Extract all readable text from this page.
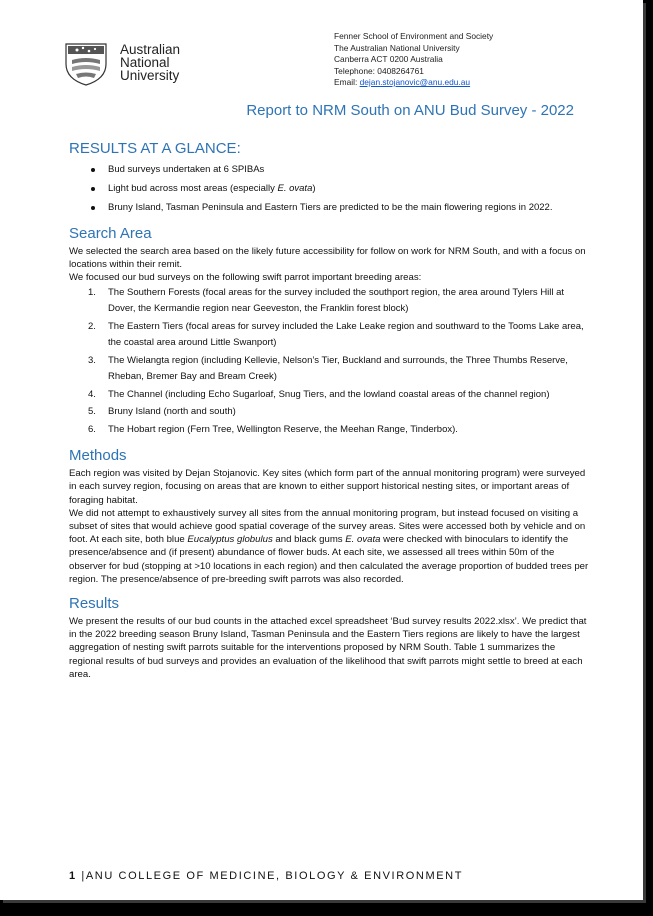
Australian
National
University
Fenner School of Environment and Society
The Australian National University
Canberra ACT 0200 Australia
Telephone: 0408264761
Email: dejan.stojanovic@anu.edu.au
Report to NRM South on ANU Bud Survey - 2022
RESULTS AT A GLANCE:
Bud surveys undertaken at 6 SPIBAs
Light bud across most areas (especially E. ovata)
Bruny Island, Tasman Peninsula and Eastern Tiers are predicted to be the main flowering regions in 2022.
Search Area

We selected the search area based on the likely future accessibility for follow on work for NRM South, and with a focus on locations within their remit.

We focused our bud surveys on the following swift parrot important breeding areas:

1. The Southern Forests (focal areas for the survey included the southport region, the area around Tylers Hill at Dover, the Kermandie region near Geeveston, the Franklin forest block)
2. The Eastern Tiers (focal areas for survey included the Lake Leake region and southward to the Tooms Lake area, the coastal area around Little Swanport)
3. The Wielangta region (including Kellevie, Nelson’s Tier, Buckland and surrounds, the Three Thumbs Reserve, Rheban, Bremer Bay and Bream Creek)
4. The Channel (including Echo Sugarloaf, Snug Tiers, and the lowland coastal areas of the channel region)
5. Bruny Island (north and south)
6. The Hobart region (Fern Tree, Wellington Reserve, the Meehan Range, Tinderbox).
Methods

Each region was visited by Dejan Stojanovic. Key sites (which form part of the annual monitoring program) were surveyed in each survey region, focusing on areas that are known to either support historical nesting sites, or important areas of foraging habitat.

We did not attempt to exhaustively survey all sites from the annual monitoring program, but instead focused on visiting a subset of sites that would achieve good spatial coverage of the survey areas. Sites were accessed both by vehicle and on foot. At each site, both blue Eucalyptus globulus and black gums E. ovata were checked with binoculars to identify the presence/absence and (if present) abundance of flower buds. At each site, we assessed all trees within 50m of the observer for bud (stopping at >10 locations in each region) and then calculated the average proportion of budded trees per region. The presence/absence of pre-breeding swift parrots was also recorded.

Results

We present the results of our bud counts in the attached excel spreadsheet ‘Bud survey results 2022.xlsx’. We predict that in the 2022 breeding season Bruny Island, Tasman Peninsula and the Eastern Tiers regions are likely to have the largest aggregation of nesting swift parrots suitable for the interventions proposed by NRM South. Table 1 summarizes the regional results of bud surveys and provides an evaluation of the likelihood that swift parrots might settle to breed at each area.

1 |ANU COLLEGE OF MEDICINE, BIOLOGY & ENVIRONMENT
